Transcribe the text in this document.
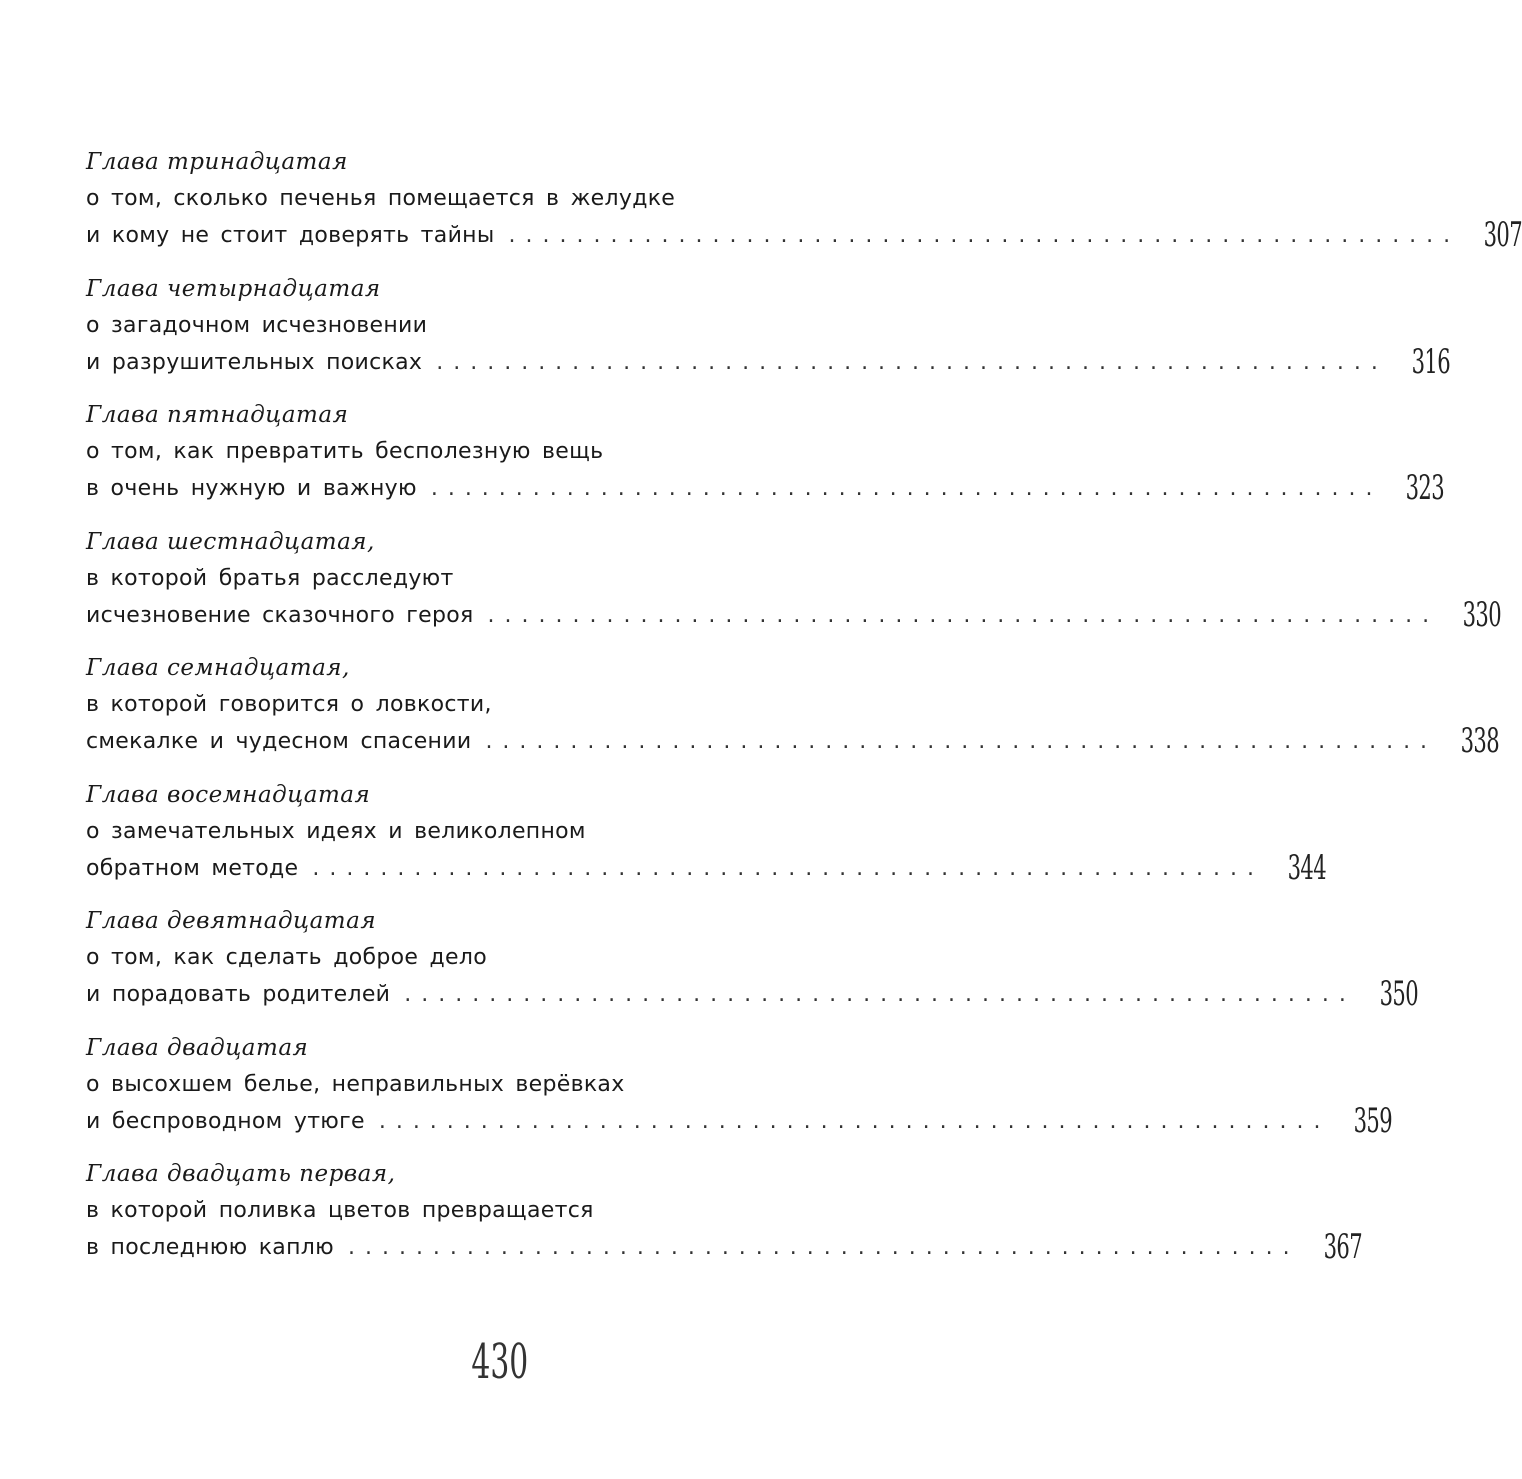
Глава тринадцатая
о том, сколько печенья помещается в желудке
и кому не стоит доверять тайны ........................................................ 307
Глава четырнадцатая
о загадочном исчезновении
и разрушительных поисках ........................................................ 316
Глава пятнадцатая
о том, как превратить бесполезную вещь
в очень нужную и важную ........................................................ 323
Глава шестнадцатая,
в которой братья расследуют
исчезновение сказочного героя ........................................................ 330
Глава семнадцатая,
в которой говорится о ловкости,
смекалке и чудесном спасении ........................................................ 338
Глава восемнадцатая
о замечательных идеях и великолепном
обратном методе ........................................................ 344
Глава девятнадцатая
о том, как сделать доброе дело
и порадовать родителей ........................................................ 350
Глава двадцатая
о высохшем белье, неправильных верёвках
и беспроводном утюге ........................................................ 359
Глава двадцать первая,
в которой поливка цветов превращается
в последнюю каплю ........................................................ 367
430
